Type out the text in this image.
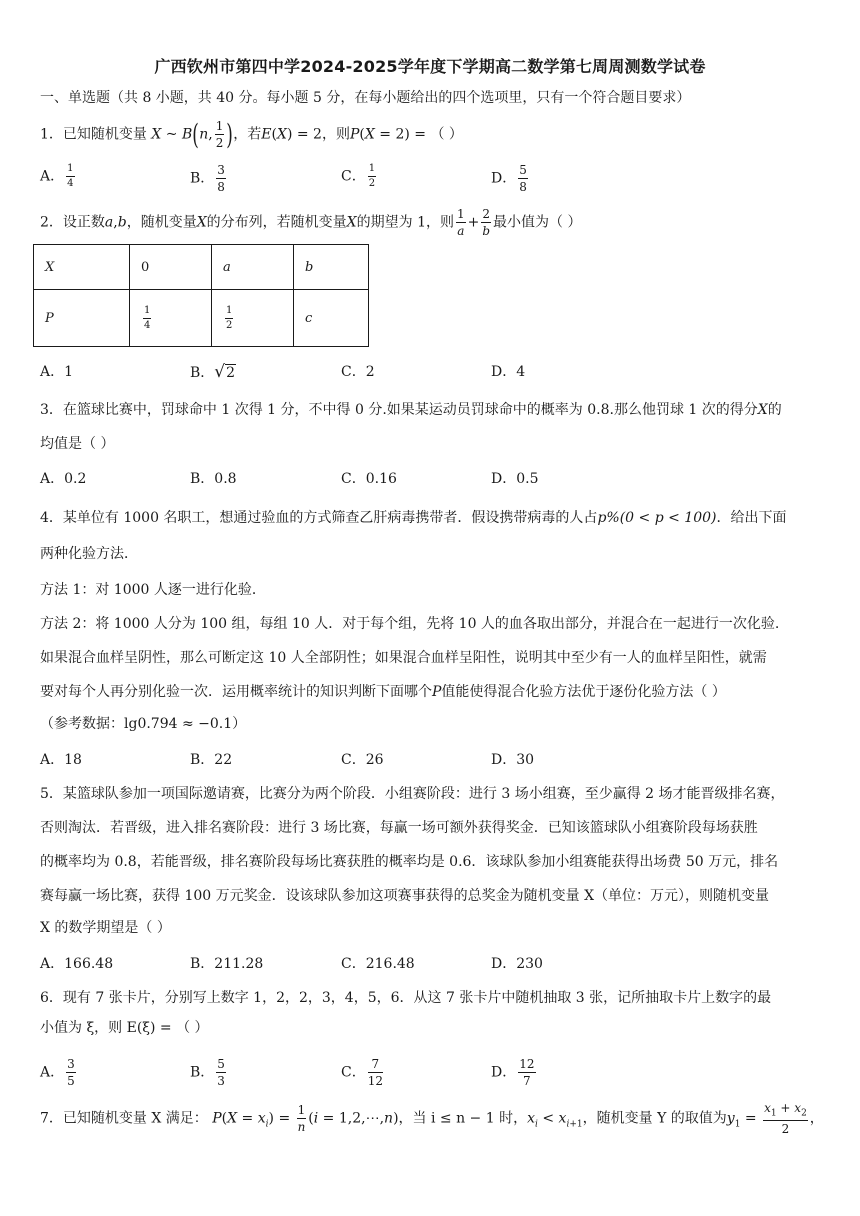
广西钦州市第四中学2024-2025学年度下学期高二数学第七周周测数学试卷
一、单选题（共 8 小题，共 40 分。每小题 5 分，在每小题给出的四个选项里，只有一个符合题目要求）
1．已知随机变量 X ~ B(n, $\frac{1}{2}$ )，若E(X) = 2，则P(X = 2) = （ ）
A． $\frac{1}{4}$	B． $\frac{3}{8}$	C． $\frac{1}{2}$	D． $\frac{5}{8}$
2．设正数a,b，随机变量X的分布列，若随机变量X的期望为 1，则 $\frac{1}{a} + \frac{2}{b}$ 最小值为（ ）
X	0	a	b
P	$\frac{1}{4}$	$\frac{1}{2}$	c
A．1	B．√2	C．2	D．4
3．在篮球比赛中，罚球命中 1 次得 1 分，不中得 0 分.如果某运动员罚球命中的概率为 0.8.那么他罚球 1 次的得分X的
均值是（ ）
A．0.2	B．0.8	C．0.16	D．0.5
4．某单位有 1000 名职工，想通过验血的方式筛查乙肝病毒携带者．假设携带病毒的人占p%(0 < p < 100)．给出下面
两种化验方法．
方法 1：对 1000 人逐一进行化验．
方法 2：将 1000 人分为 100 组，每组 10 人．对于每个组，先将 10 人的血各取出部分，并混合在一起进行一次化验.
如果混合血样呈阴性，那么可断定这 10 人全部阴性；如果混合血样呈阳性，说明其中至少有一人的血样呈阳性，就需
要对每个人再分别化验一次．运用概率统计的知识判断下面哪个P值能使得混合化验方法优于逐份化验方法（ ）
（参考数据：lg0.794 ≈ −0.1）
A．18	B．22	C．26	D．30
5．某篮球队参加一项国际邀请赛，比赛分为两个阶段．小组赛阶段：进行 3 场小组赛，至少赢得 2 场才能晋级排名赛，
否则淘汰．若晋级，进入排名赛阶段：进行 3 场比赛，每赢一场可额外获得奖金．已知该篮球队小组赛阶段每场获胜
的概率均为 0.8，若能晋级，排名赛阶段每场比赛获胜的概率均是 0.6．该球队参加小组赛能获得出场费 50 万元，排名
赛每赢一场比赛，获得 100 万元奖金．设该球队参加这项赛事获得的总奖金为随机变量 X（单位：万元），则随机变量
X 的数学期望是（ ）
A．166.48	B．211.28	C．216.48	D．230
6．现有 7 张卡片，分别写上数字 1，2，2，3，4，5，6．从这 7 张卡片中随机抽取 3 张，记所抽取卡片上数字的最
小值为 ξ，则 E(ξ) = （ ）
A． $\frac{3}{5}$	B． $\frac{5}{3}$	C． $\frac{7}{12}$	D． $\frac{12}{7}$
7．已知随机变量 X 满足： $P(X = x_i) = \frac{1}{n} (i$ = 1,2,⋯,n)，当 i ≤ n − 1 时，$x_i < x_{i+1}$，随机变量 Y 的取值为$y_1 = \frac{x_1 + x_2}{2}$ ，
